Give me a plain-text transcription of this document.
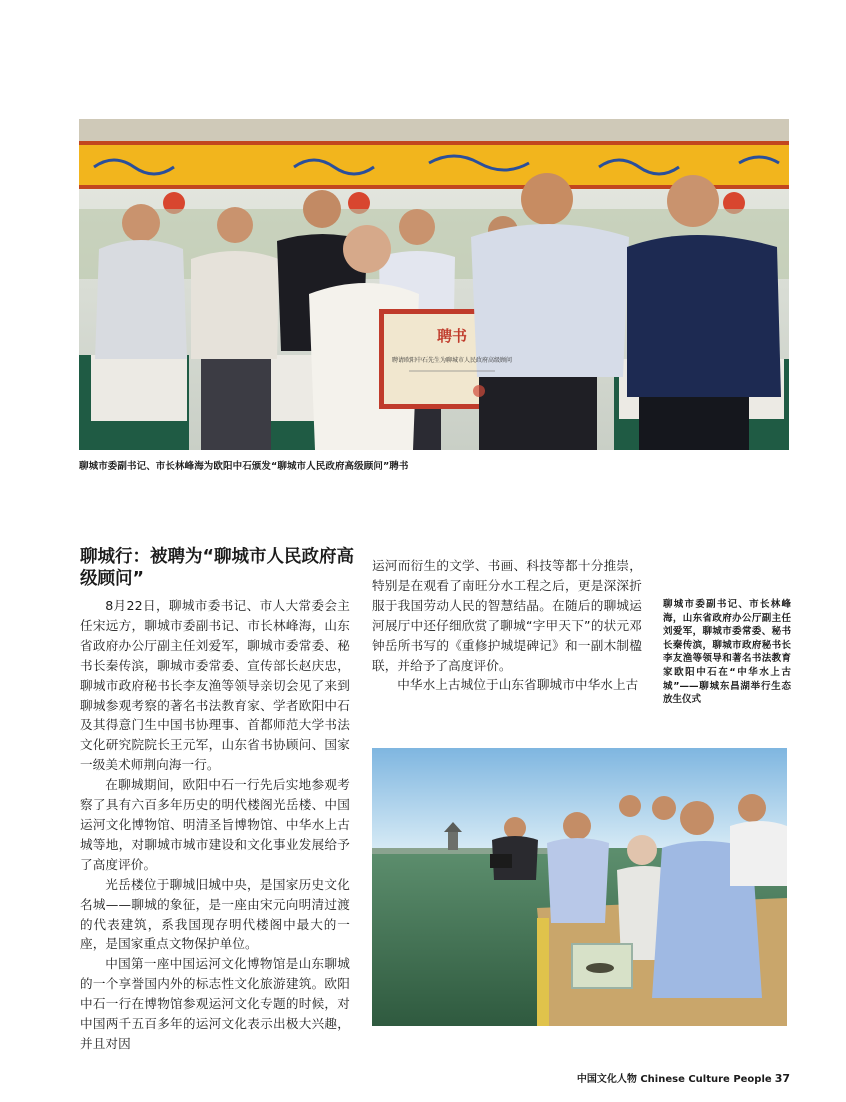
聘书
聘请欧阳中石先生为聊城市人民政府高级顾问
聊城市委副书记、市长林峰海为欧阳中石颁发“聊城市人民政府高级顾问”聘书
聊城行：被聘为“聊城市人民政府高级顾问”

8月22日，聊城市委书记、市人大常委会主任宋远方，聊城市委副书记、市长林峰海，山东省政府办公厅副主任刘爱军，聊城市委常委、秘书长秦传滨，聊城市委常委、宣传部长赵庆忠，聊城市政府秘书长李友渔等领导亲切会见了来到聊城参观考察的著名书法教育家、学者欧阳中石及其得意门生中国书协理事、首都师范大学书法文化研究院院长王元军，山东省书协顾问、国家一级美术师荆向海一行。

在聊城期间，欧阳中石一行先后实地参观考察了具有六百多年历史的明代楼阁光岳楼、中国运河文化博物馆、明清圣旨博物馆、中华水上古城等地，对聊城市城市建设和文化事业发展给予了高度评价。

光岳楼位于聊城旧城中央，是国家历史文化名城——聊城的象征，是一座由宋元向明清过渡的代表建筑，系我国现存明代楼阁中最大的一座，是国家重点文物保护单位。

中国第一座中国运河文化博物馆是山东聊城的一个享誉国内外的标志性文化旅游建筑。欧阳中石一行在博物馆参观运河文化专题的时候，对中国两千五百多年的运河文化表示出极大兴趣，并且对因

运河而衍生的文学、书画、科技等都十分推崇，特别是在观看了南旺分水工程之后，更是深深折服于我国劳动人民的智慧结晶。在随后的聊城运河展厅中还仔细欣赏了聊城“字甲天下”的状元邓钟岳所书写的《重修护城堤碑记》和一副木制楹联，并给予了高度评价。

中华水上古城位于山东省聊城市中华水上古

聊城市委副书记、市长林峰海，山东省政府办公厅副主任刘爱军，聊城市委常委、秘书长秦传滨，聊城市政府秘书长李友渔等领导和著名书法教育家欧阳中石在“中华水上古城”——聊城东昌湖举行生态放生仪式
中国文化人物 Chinese Culture People 37
